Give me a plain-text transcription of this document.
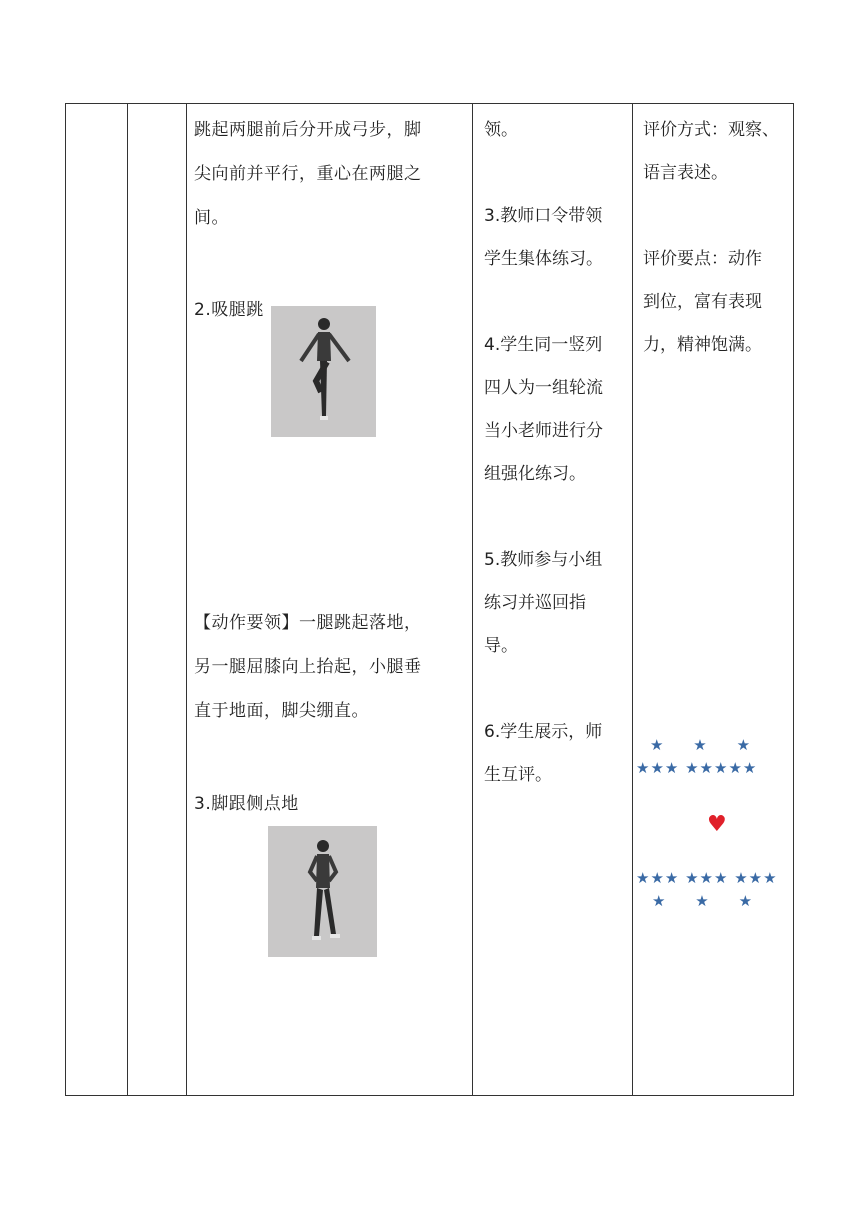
跳起两腿前后分开成弓步，脚
尖向前并平行，重心在两腿之
间。
2.吸腿跳
【动作要领】一腿跳起落地，
另一腿屈膝向上抬起，小腿垂
直于地面，脚尖绷直。
3.脚跟侧点地
领。
3.教师口令带领
学生集体练习。
4.学生同一竖列
四人为一组轮流
当小老师进行分
组强化练习。
5.教师参与小组
练习并巡回指
导。
6.学生展示，师
生互评。
评价方式：观察、
语言表述。
评价要点：动作
到位，富有表现
力，精神饱满。
★     ★     ★
★★★ ★★★★★
♥
★★★ ★★★ ★★★
★     ★     ★
